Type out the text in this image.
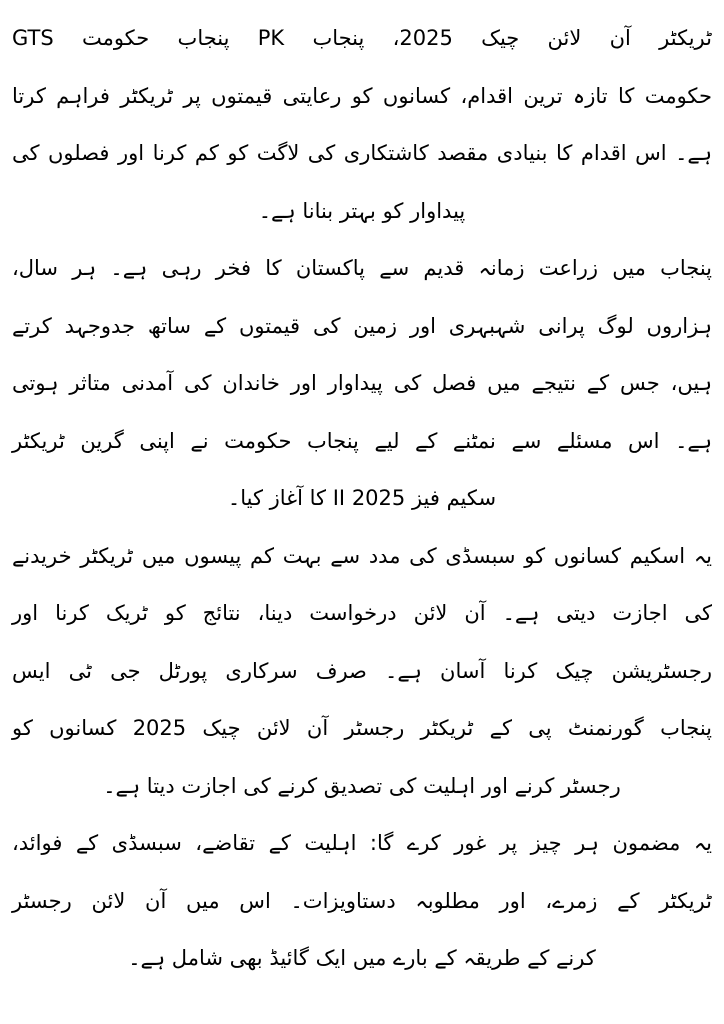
ٹریکٹر آن لائن چیک 2025، پنجاب PK پنجاب حکومت GTS
حکومت کا تازہ ترین اقدام، کسانوں کو رعایتی قیمتوں پر ٹریکٹر فراہم کرتا
ہے۔ اس اقدام کا بنیادی مقصد کاشتکاری کی لاگت کو کم کرنا اور فصلوں کی
پیداوار کو بہتر بنانا ہے۔
پنجاب میں زراعت زمانہ قدیم سے پاکستان کا فخر رہی ہے۔ ہر سال،
ہزاروں لوگ پرانی شہبہری اور زمین کی قیمتوں کے ساتھ جدوجہد کرتے
ہیں، جس کے نتیجے میں فصل کی پیداوار اور خاندان کی آمدنی متاثر ہوتی
ہے۔ اس مسئلے سے نمٹنے کے لیے پنجاب حکومت نے اپنی گرین ٹریکٹر
سکیم فیز 2025 II کا آغاز کیا۔
یہ اسکیم کسانوں کو سبسڈی کی مدد سے بہت کم پیسوں میں ٹریکٹر خریدنے
کی اجازت دیتی ہے۔ آن لائن درخواست دینا، نتائج کو ٹریک کرنا اور
رجسٹریشن چیک کرنا آسان ہے۔ صرف سرکاری پورٹل جی ٹی ایس
پنجاب گورنمنٹ پی کے ٹریکٹر رجسٹر آن لائن چیک 2025 کسانوں کو
رجسٹر کرنے اور اہلیت کی تصدیق کرنے کی اجازت دیتا ہے۔
یہ مضمون ہر چیز پر غور کرے گا: اہلیت کے تقاضے، سبسڈی کے فوائد،
ٹریکٹر کے زمرے، اور مطلوبہ دستاویزات۔ اس میں آن لائن رجسٹر
کرنے کے طریقہ کے بارے میں ایک گائیڈ بھی شامل ہے۔
